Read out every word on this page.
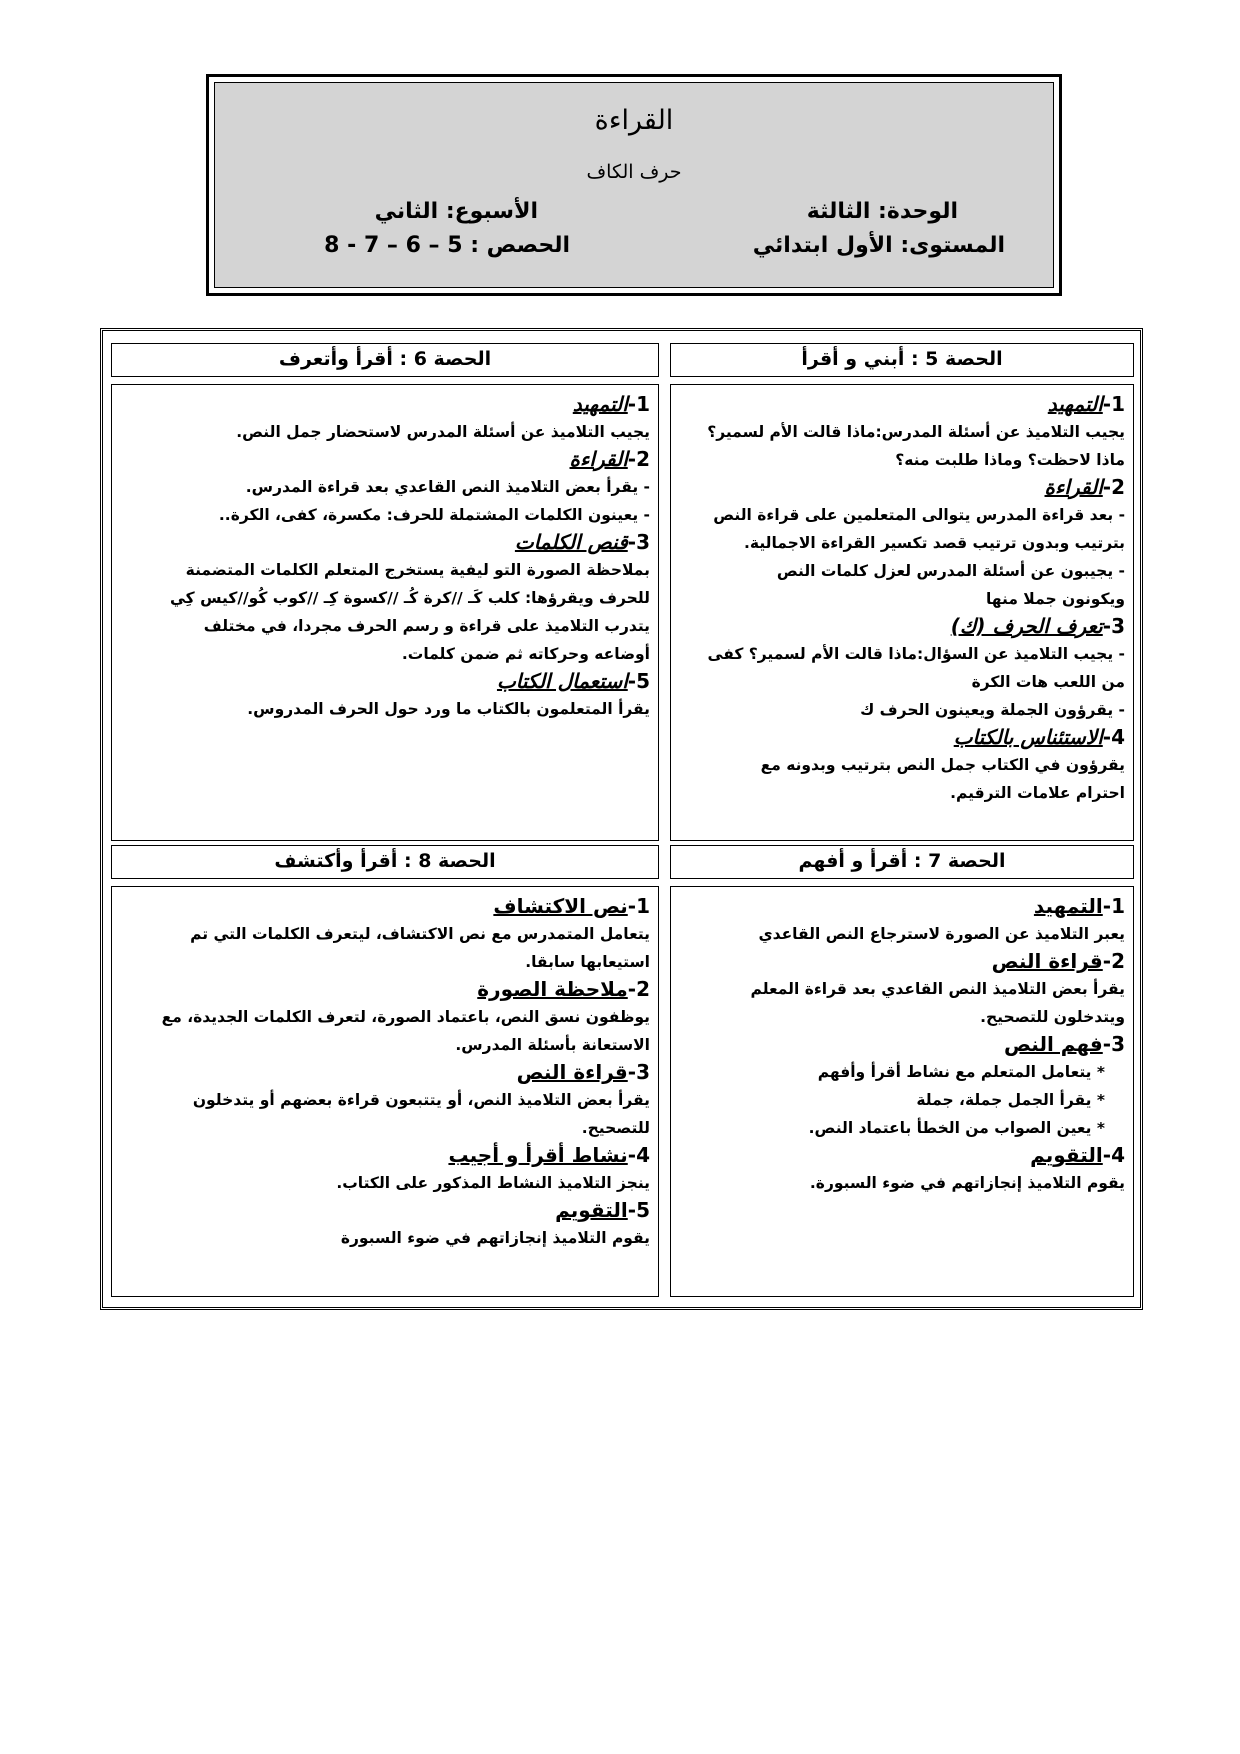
القراءة
حرف الكاف
الوحدة: الثالثة
الأسبوع: الثاني
المستوى: الأول ابتدائي
الحصص : 5 – 6 – 7 - 8
الحصة 5 : أبني و أقرأ
الحصة 6 : أقرأ وأتعرف
1-التمهيد
يجيب التلاميذ عن أسئلة المدرس:ماذا قالت الأم لسمير؟
ماذا لاحظت؟ وماذا طلبت منه؟
2-القراءة
- بعد قراءة المدرس يتوالى المتعلمين على قراءة النص
بترتيب وبدون ترتيب قصد تكسير القراءة الاجمالية.
- يجيبون عن أسئلة المدرس لعزل كلمات النص
ويكونون جملا منها
3-تعرف الحرف (ك)
- يجيب التلاميذ عن السؤال:ماذا قالت الأم لسمير؟ كفى
من اللعب هات الكرة
- يقرؤون الجملة ويعينون الحرف ك
4-الاستئناس بالكتاب
يقرؤون في الكتاب جمل النص بترتيب وبدونه مع
احترام علامات الترقيم.
1-التمهيد
يجيب التلاميذ عن أسئلة المدرس لاستحضار جمل النص.
2-القراءة
- يقرأ بعض التلاميذ النص القاعدي بعد قراءة المدرس.
- يعينون الكلمات المشتملة للحرف: مكسرة، كفى، الكرة..
3-قنص الكلمات
بملاحظة الصورة التو ليفية يستخرج المتعلم الكلمات المتضمنة
للحرف ويقرؤها: كلب كَـ //كرة كُـ //كسوة كِـ //كوب كُو//كيس كِي
يتدرب التلاميذ على قراءة و رسم الحرف مجردا، في مختلف
أوضاعه وحركاته ثم ضمن كلمات.
5-استعمال الكتاب
يقرأ المتعلمون بالكتاب ما ورد حول الحرف المدروس.
الحصة 7 : أقرأ و أفهم
الحصة 8 : أقرأ وأكتشف
1-التمهيد
يعبر التلاميذ عن الصورة لاسترجاع النص القاعدي
2-قراءة النص
يقرأ بعض التلاميذ النص القاعدي بعد قراءة المعلم
ويتدخلون للتصحيح.
3-فهم النص
* يتعامل المتعلم مع نشاط أقرأ وأفهم
* يقرأ الجمل جملة، جملة
* يعين الصواب من الخطأ باعتماد النص.
4-التقويم
يقوم التلاميذ إنجازاتهم في ضوء السبورة.
1-نص الاكتشاف
يتعامل المتمدرس مع نص الاكتشاف، ليتعرف الكلمات التي تم
استيعابها سابقا.
2-ملاحظة الصورة
يوظفون نسق النص، باعتماد الصورة، لتعرف الكلمات الجديدة، مع
الاستعانة بأسئلة المدرس.
3-قراءة النص
يقرأ بعض التلاميذ النص، أو يتتبعون قراءة بعضهم أو يتدخلون
للتصحيح.
4-نشاط أقرأ و أجيب
ينجز التلاميذ النشاط المذكور على الكتاب.
5-التقويم
يقوم التلاميذ إنجازاتهم في ضوء السبورة
